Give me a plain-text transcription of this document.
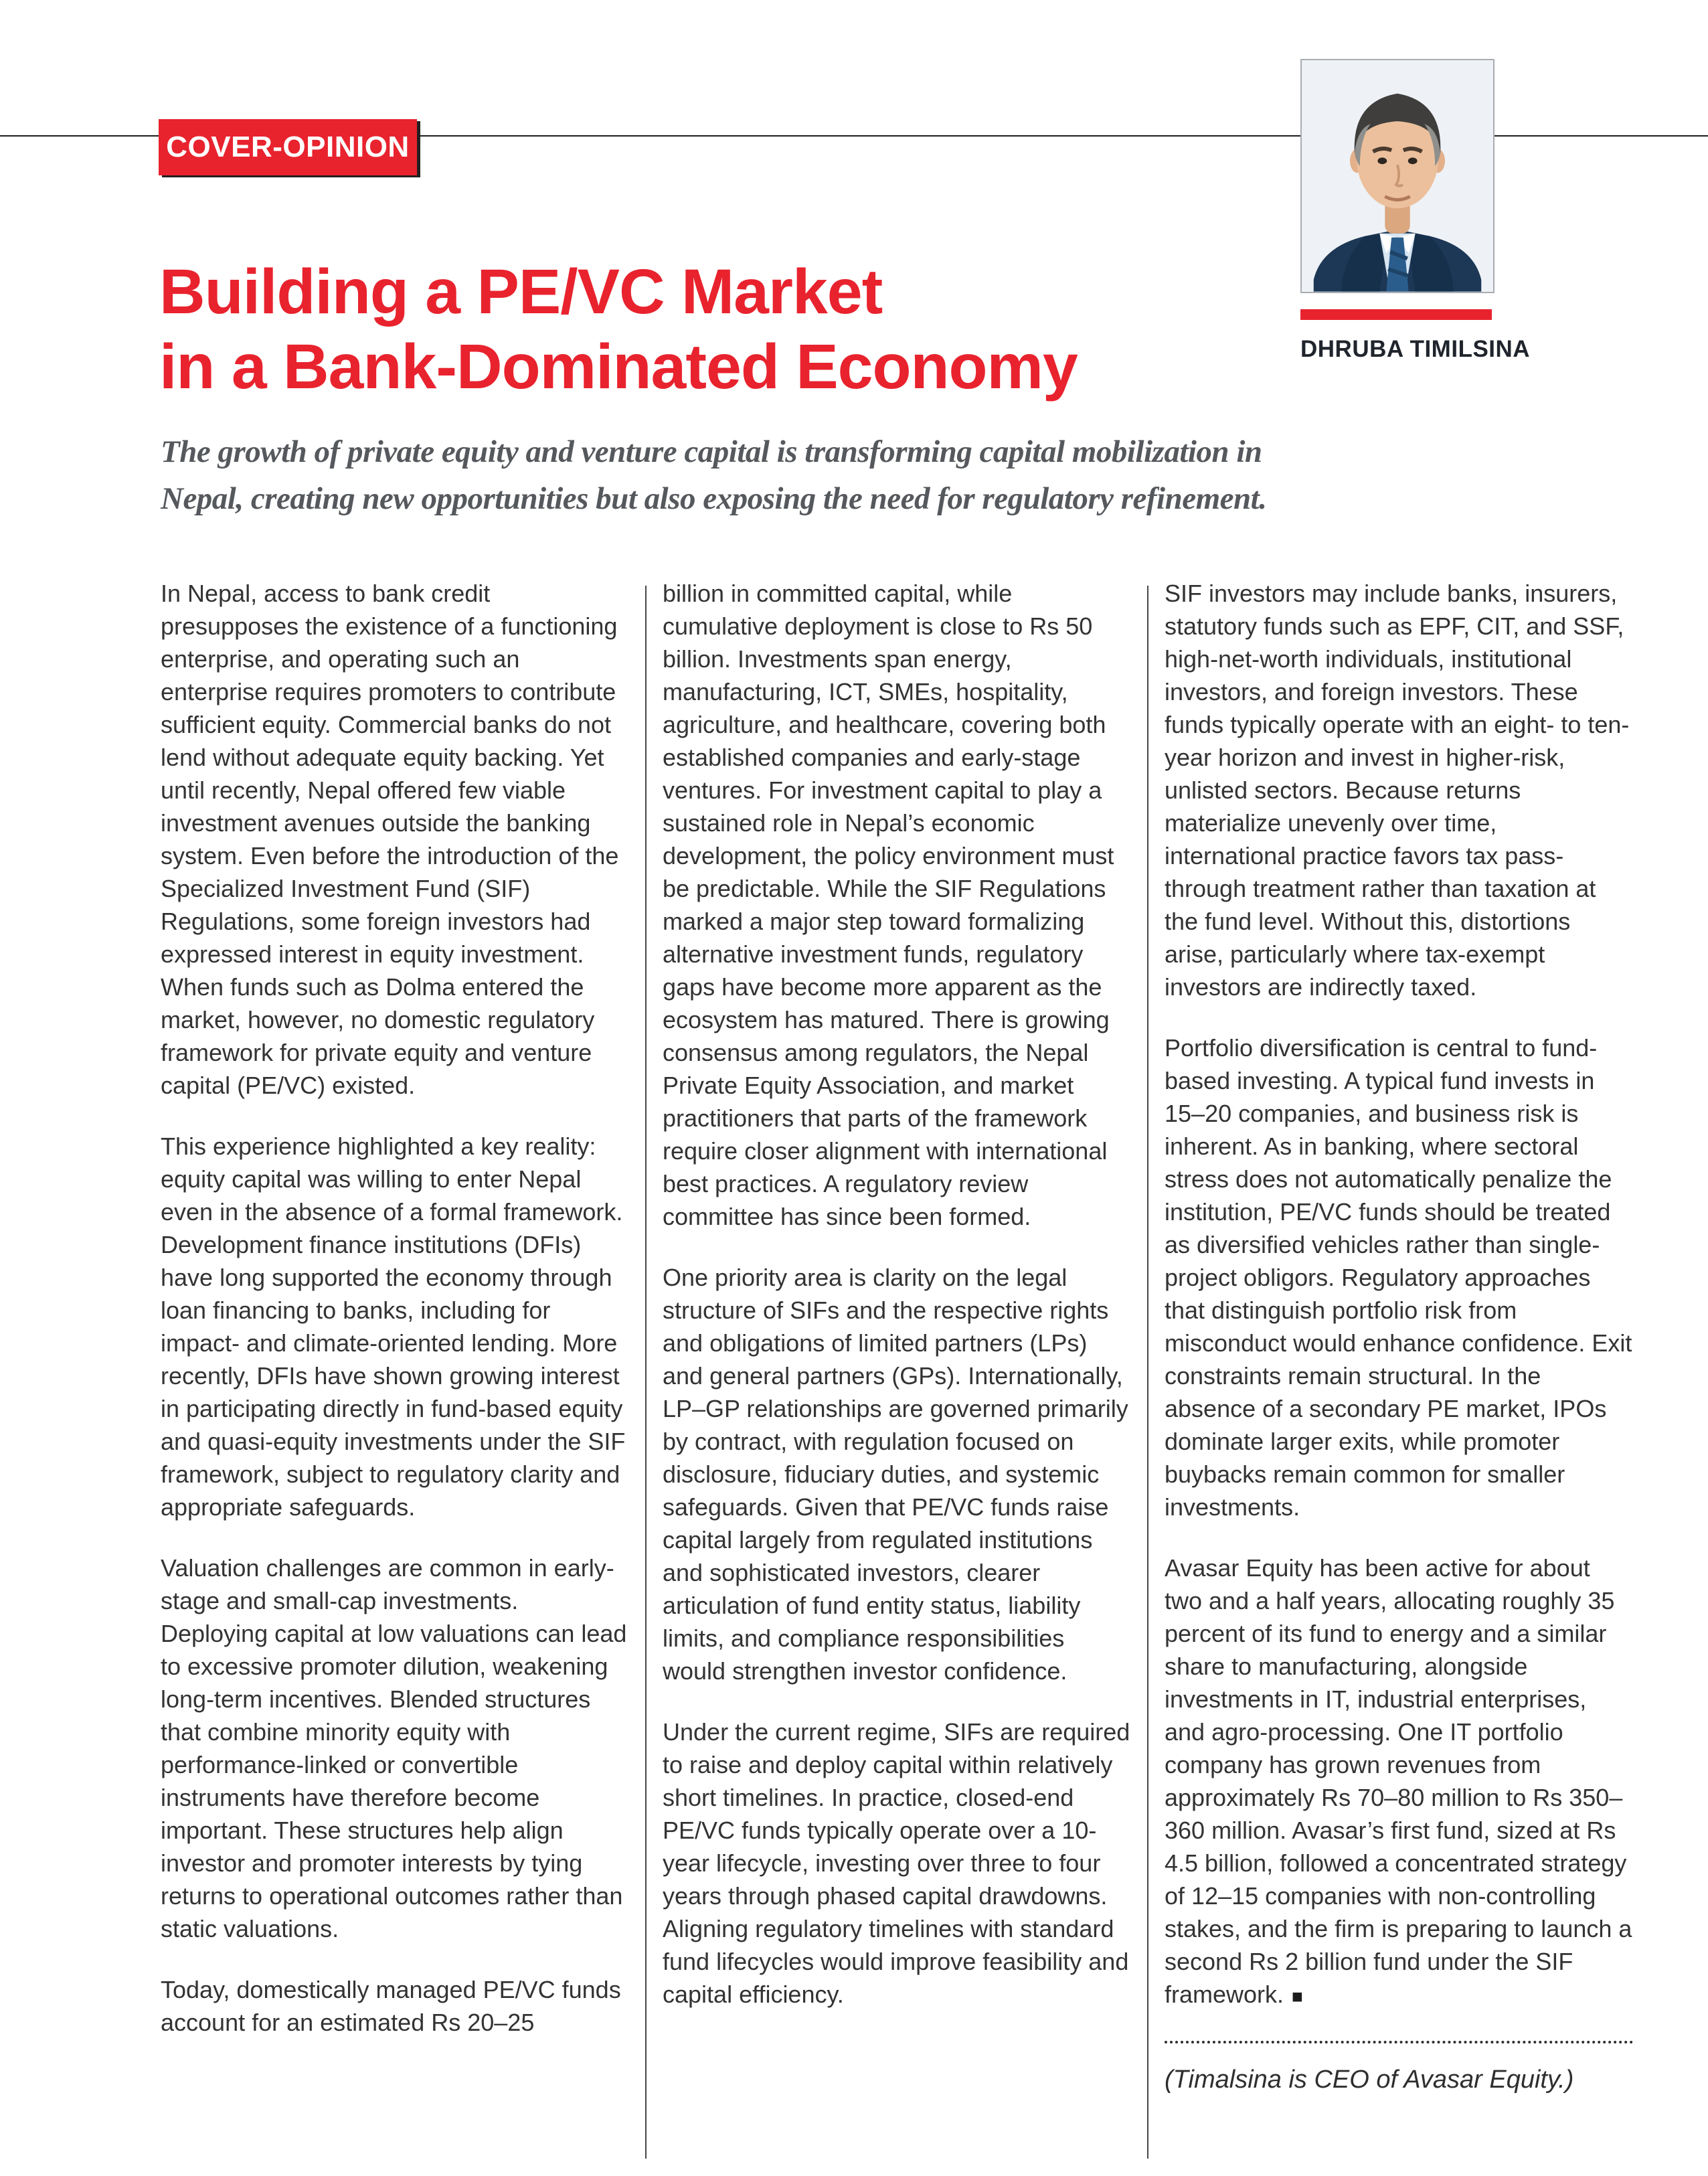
COVER-OPINION
DHRUBA TIMILSINA
Building a PE/VC Market
in a Bank-Dominated Economy

The growth of private equity and venture capital is transforming capital mobilization in
Nepal, creating new opportunities but also exposing the need for regulatory refinement.

In Nepal, access to bank credit presupposes the existence of a functioning enterprise, and operating such an enterprise requires promoters to contribute sufficient equity. Commercial banks do not lend without adequate equity backing. Yet until recently, Nepal offered few viable investment avenues outside the banking system. Even before the introduction of the Specialized Investment Fund (SIF) Regulations, some foreign investors had expressed interest in equity investment. When funds such as Dolma entered the market, however, no domestic regulatory framework for private equity and venture capital (PE/VC) existed.

This experience highlighted a key reality: equity capital was willing to enter Nepal even in the absence of a formal framework. Development finance institutions (DFIs) have long supported the economy through loan financing to banks, including for impact- and climate-oriented lending. More recently, DFIs have shown growing interest in participating directly in fund-based equity and quasi-equity investments under the SIF framework, subject to regulatory clarity and appropriate safeguards.

Valuation challenges are common in early-stage and small-cap investments. Deploying capital at low valuations can lead to excessive promoter dilution, weakening long-term incentives. Blended structures that combine minority equity with performance-linked or convertible instruments have therefore become important. These structures help align investor and promoter interests by tying returns to operational outcomes rather than static valuations.

Today, domestically managed PE/VC funds account for an estimated Rs 20–25

billion in committed capital, while cumulative deployment is close to Rs 50 billion. Investments span energy, manufacturing, ICT, SMEs, hospitality, agriculture, and healthcare, covering both established companies and early-stage ventures. For investment capital to play a sustained role in Nepal’s economic development, the policy environment must be predictable. While the SIF Regulations marked a major step toward formalizing alternative investment funds, regulatory gaps have become more apparent as the ecosystem has matured. There is growing consensus among regulators, the Nepal Private Equity Association, and market practitioners that parts of the framework require closer alignment with international best practices. A regulatory review committee has since been formed.

One priority area is clarity on the legal structure of SIFs and the respective rights and obligations of limited partners (LPs) and general partners (GPs). Internationally, LP–GP relationships are governed primarily by contract, with regulation focused on disclosure, fiduciary duties, and systemic safeguards. Given that PE/VC funds raise capital largely from regulated institutions and sophisticated investors, clearer articulation of fund entity status, liability limits, and compliance responsibilities would strengthen investor confidence.

Under the current regime, SIFs are required to raise and deploy capital within relatively short timelines. In practice, closed-end PE/VC funds typically operate over a 10-year lifecycle, investing over three to four years through phased capital drawdowns. Aligning regulatory timelines with standard fund lifecycles would improve feasibility and capital efficiency.

SIF investors may include banks, insurers, statutory funds such as EPF, CIT, and SSF, high-net-worth individuals, institutional investors, and foreign investors. These funds typically operate with an eight- to ten-year horizon and invest in higher-risk, unlisted sectors. Because returns materialize unevenly over time, international practice favors tax pass-through treatment rather than taxation at the fund level. Without this, distortions arise, particularly where tax-exempt investors are indirectly taxed.

Portfolio diversification is central to fund-based investing. A typical fund invests in 15–20 companies, and business risk is inherent. As in banking, where sectoral stress does not automatically penalize the institution, PE/VC funds should be treated as diversified vehicles rather than single-project obligors. Regulatory approaches that distinguish portfolio risk from misconduct would enhance confidence. Exit constraints remain structural. In the absence of a secondary PE market, IPOs dominate larger exits, while promoter buybacks remain common for smaller investments.

Avasar Equity has been active for about two and a half years, allocating roughly 35 percent of its fund to energy and a similar share to manufacturing, alongside investments in IT, industrial enterprises, and agro-processing. One IT portfolio company has grown revenues from approximately Rs 70–80 million to Rs 350–360 million. Avasar’s first fund, sized at Rs 4.5 billion, followed a concentrated strategy of 12–15 companies with non-controlling stakes, and the firm is preparing to launch a second Rs 2 billion fund under the SIF framework. ■

(Timalsina is CEO of Avasar Equity.)
